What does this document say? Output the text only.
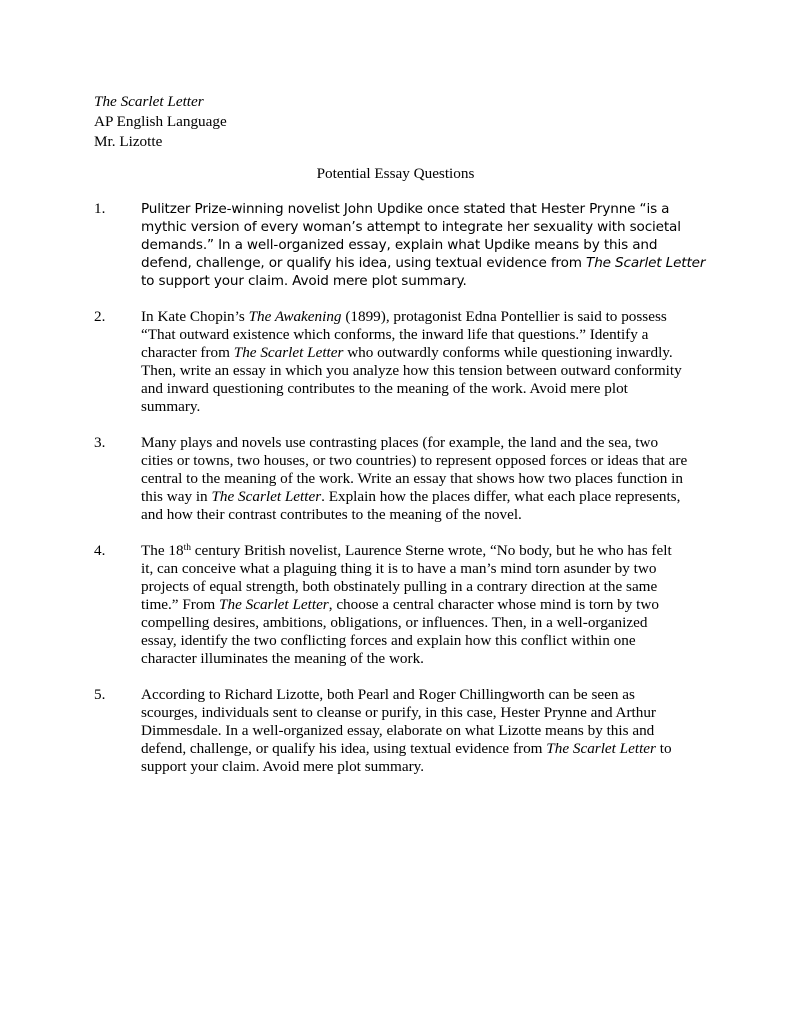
The Scarlet Letter
AP English Language
Mr. Lizotte
Potential Essay Questions
1.	Pulitzer Prize-winning novelist John Updike once stated that Hester Prynne “is a
mythic version of every woman’s attempt to integrate her sexuality with societal
demands.” In a well-organized essay, explain what Updike means by this and
defend, challenge, or qualify his idea, using textual evidence from The Scarlet Letter
to support your claim. Avoid mere plot summary.
2. In Kate Chopin’s The Awakening (1899), protagonist Edna Pontellier is said to possess
“That outward existence which conforms, the inward life that questions.” Identify a
character from The Scarlet Letter who outwardly conforms while questioning inwardly.
Then, write an essay in which you analyze how this tension between outward conformity
and inward questioning contributes to the meaning of the work. Avoid mere plot
summary.
3. Many plays and novels use contrasting places (for example, the land and the sea, two
cities or towns, two houses, or two countries) to represent opposed forces or ideas that are
central to the meaning of the work. Write an essay that shows how two places function in
this way in The Scarlet Letter. Explain how the places differ, what each place represents,
and how their contrast contributes to the meaning of the novel.
4. The 18th century British novelist, Laurence Sterne wrote, “No body, but he who has felt
it, can conceive what a plaguing thing it is to have a man’s mind torn asunder by two
projects of equal strength, both obstinately pulling in a contrary direction at the same
time.” From The Scarlet Letter, choose a central character whose mind is torn by two
compelling desires, ambitions, obligations, or influences. Then, in a well-organized
essay, identify the two conflicting forces and explain how this conflict within one
character illuminates the meaning of the work.
5. According to Richard Lizotte, both Pearl and Roger Chillingworth can be seen as
scourges, individuals sent to cleanse or purify, in this case, Hester Prynne and Arthur
Dimmesdale. In a well-organized essay, elaborate on what Lizotte means by this and
defend, challenge, or qualify his idea, using textual evidence from The Scarlet Letter to
support your claim. Avoid mere plot summary.
